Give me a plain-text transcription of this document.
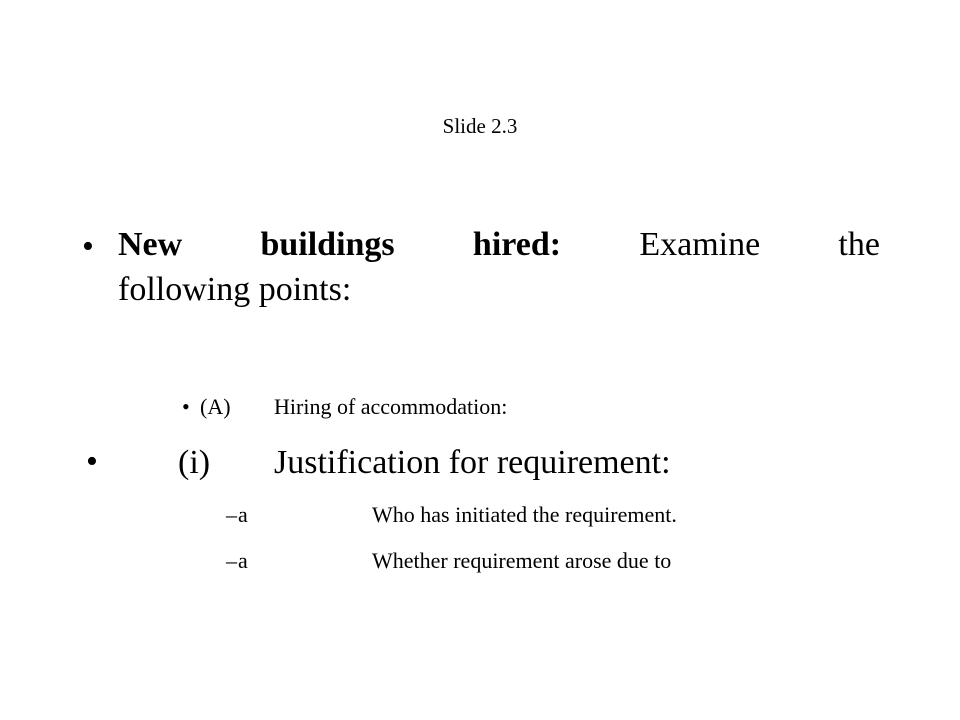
Slide 2.3
• New buildings hired: Examine the
following points:
• (A) Hiring of accommodation:
• (i) Justification for requirement:
–a 	Who has initiated the requirement.
–a 	Whether requirement arose due to
